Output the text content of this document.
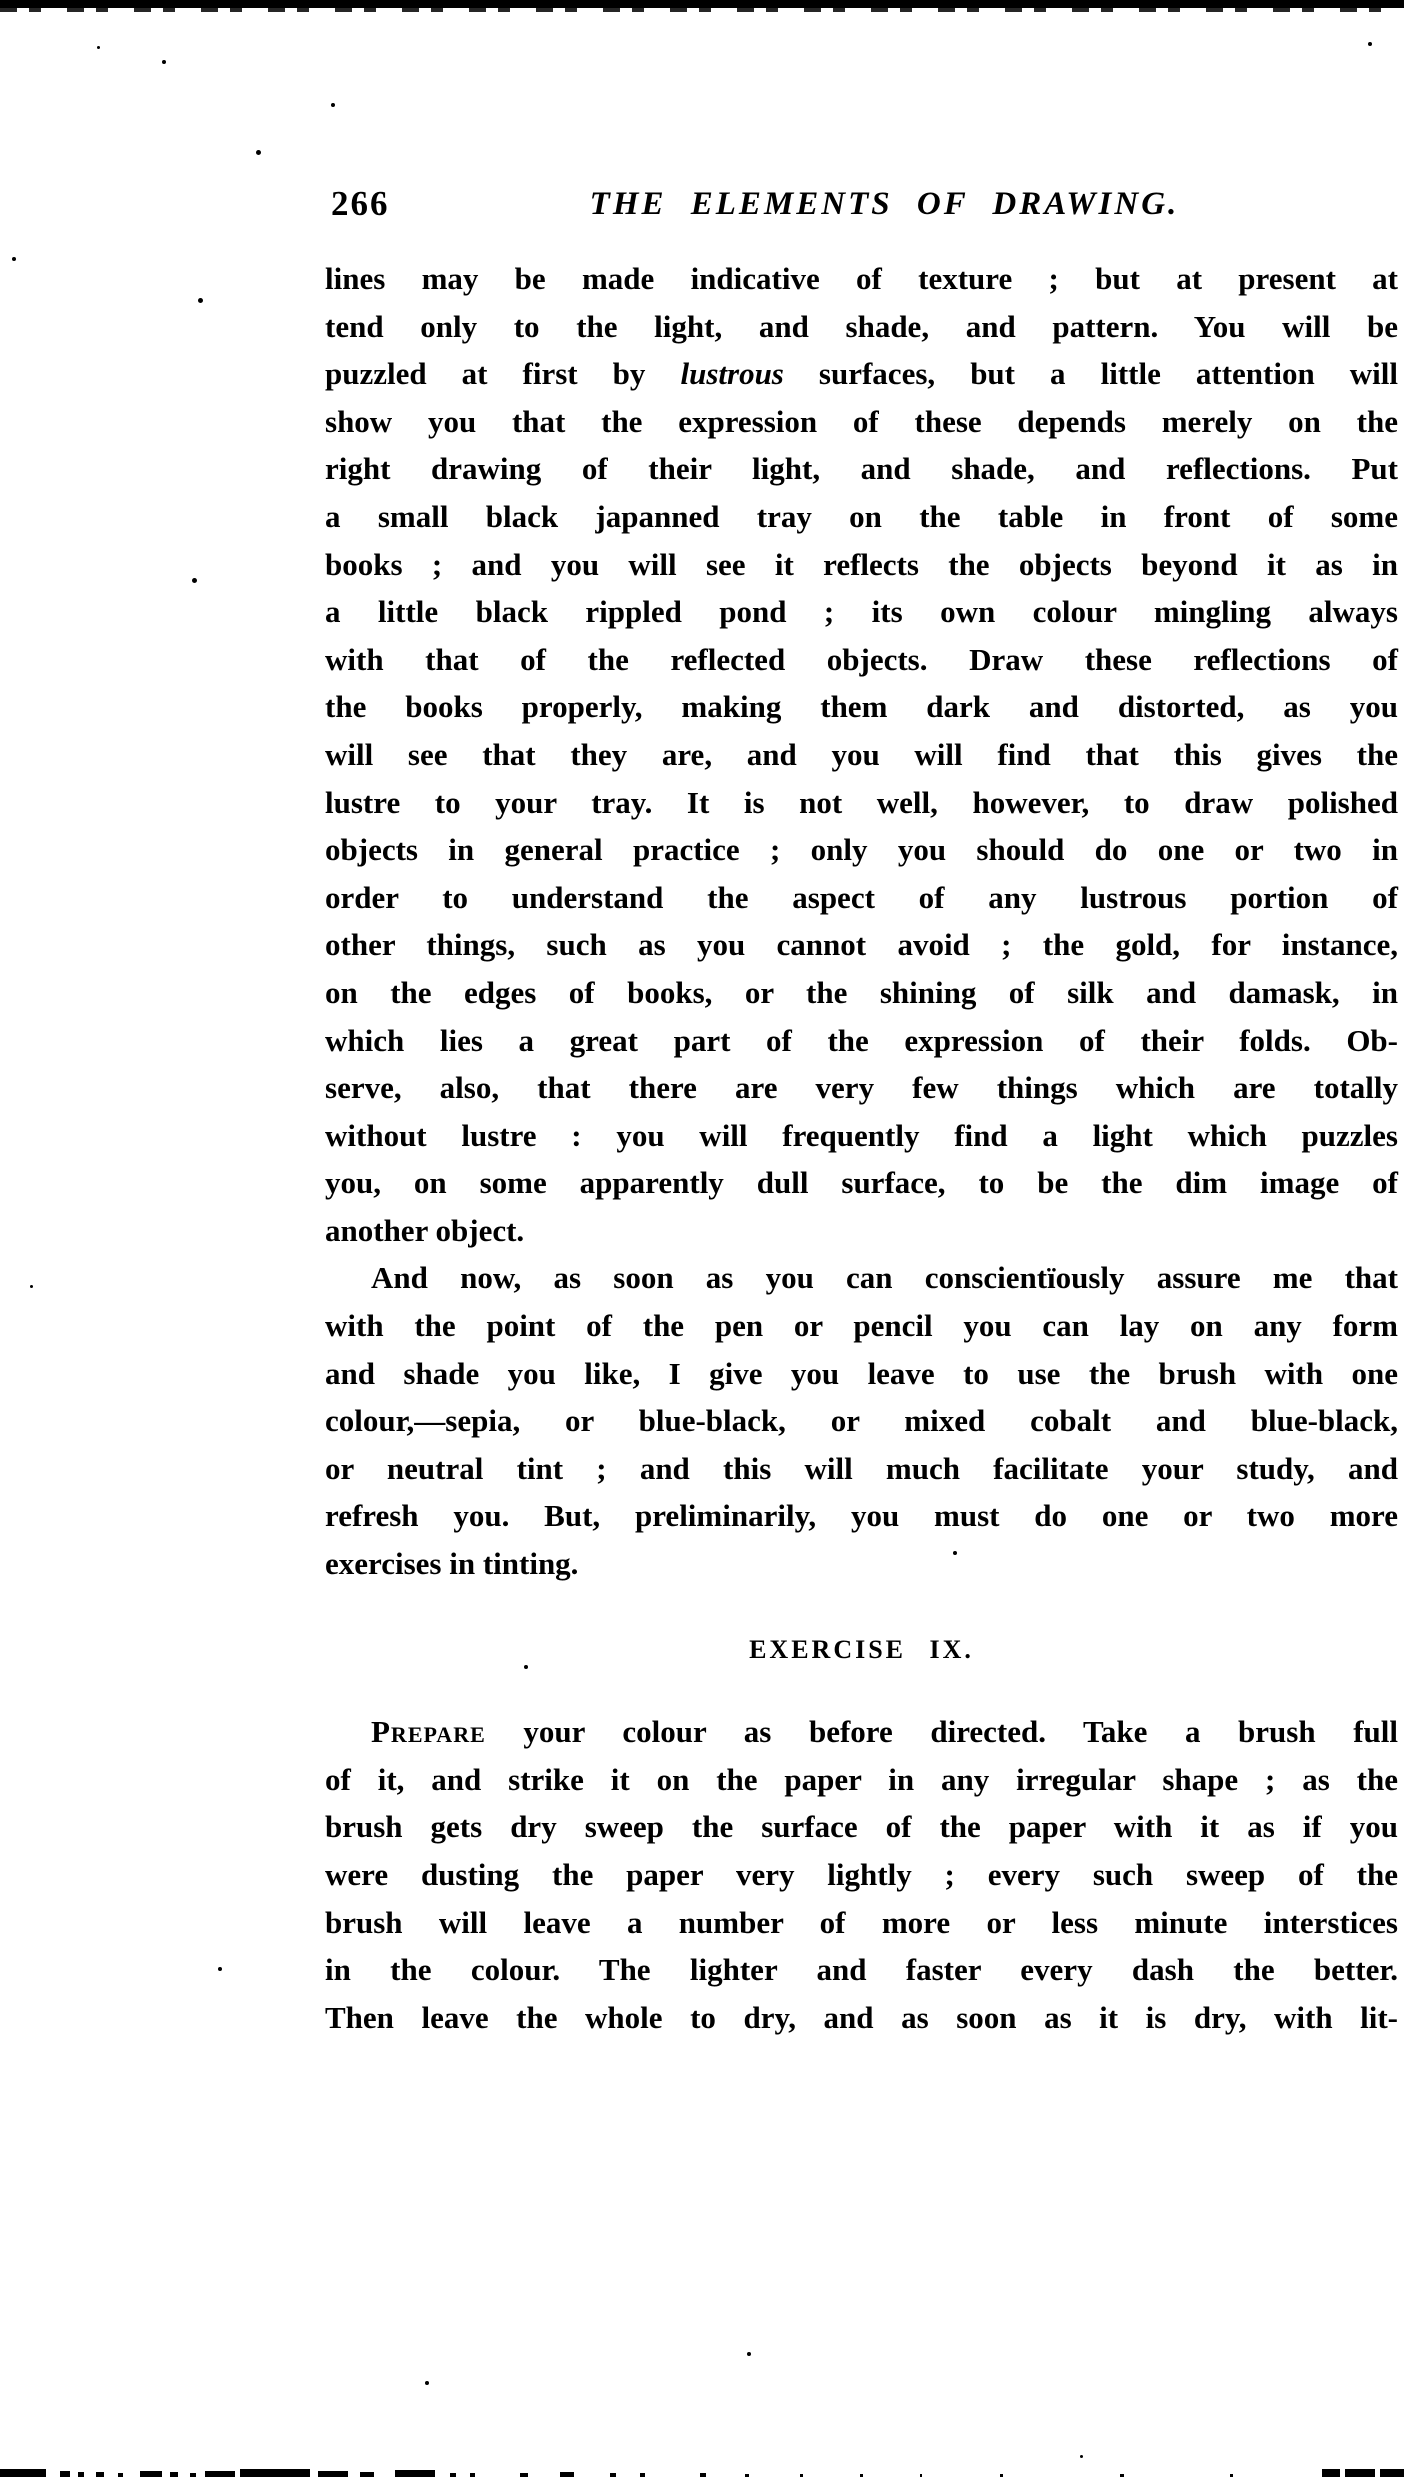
266	THE ELEMENTS OF DRAWING.
lines may be made indicative of texture ; but at present at
tend only to the light, and shade, and pattern. You will be
puzzled at first by lustrous surfaces, but a little attention will
show you that the expression of these depends merely on the
right drawing of their light, and shade, and reflections. Put
a small black japanned tray on the table in front of some
books ; and you will see it reflects the objects beyond it as in
a little black rippled pond ; its own colour mingling always
with that of the reflected objects. Draw these reflections of
the books properly, making them dark and distorted, as you
will see that they are, and you will find that this gives the
lustre to your tray. It is not well, however, to draw polished
objects in general practice ; only you should do one or two in
order to understand the aspect of any lustrous portion of
other things, such as you cannot avoid ; the gold, for instance,
on the edges of books, or the shining of silk and damask, in
which lies a great part of the expression of their folds. Ob-
serve, also, that there are very few things which are totally
without lustre : you will frequently find a light which puzzles
you, on some apparently dull surface, to be the dim image of
another object.
And now, as soon as you can conscientïously assure me that
with the point of the pen or pencil you can lay on any form
and shade you like, I give you leave to use the brush with one
colour,—sepia, or blue-black, or mixed cobalt and blue-black,
or neutral tint ; and this will much facilitate your study, and
refresh you. But, preliminarily, you must do one or two more
exercises in tinting.
EXERCISE IX.
Prepare your colour as before directed. Take a brush full
of it, and strike it on the paper in any irregular shape ; as the
brush gets dry sweep the surface of the paper with it as if you
were dusting the paper very lightly ; every such sweep of the
brush will leave a number of more or less minute interstices
in the colour. The lighter and faster every dash the better.
Then leave the whole to dry, and as soon as it is dry, with lit-
